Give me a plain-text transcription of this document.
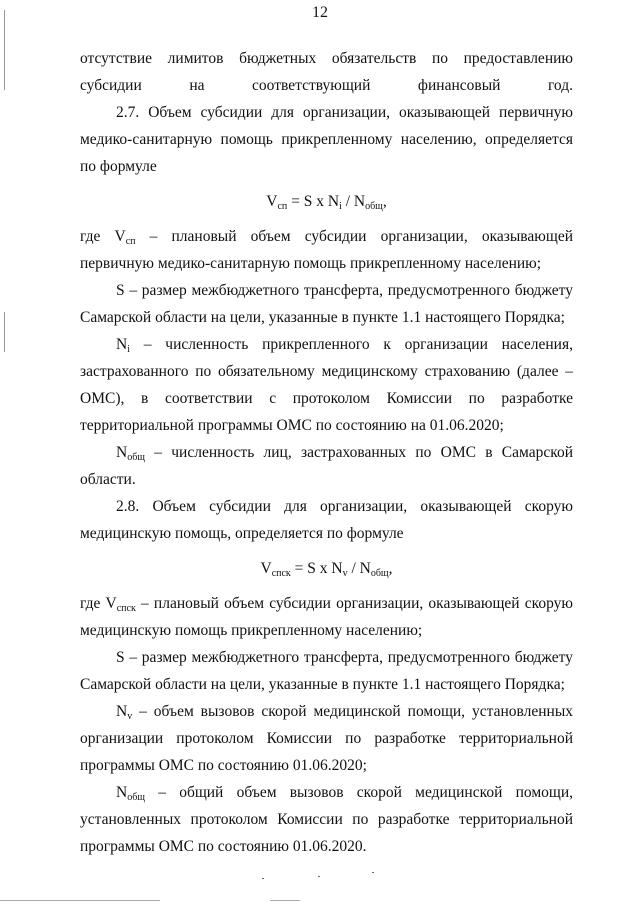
12

отсутствие лимитов бюджетных обязательств по предоставлению субсидии на соответствующий финансовый год.

2.7. Объем субсидии для организации, оказывающей первичную медико-санитарную помощь прикрепленному населению, определяется по формуле

$V_{сп} = S$ x $N_i / N_{общ}$,

где $V_{сп}$ – плановый объем субсидии организации, оказывающей первичную медико-санитарную помощь прикрепленному населению;

S – размер межбюджетного трансферта, предусмотренного бюджету Самарской области на цели, указанные в пункте 1.1 настоящего Порядка;

$N_i$ – численность прикрепленного к организации населения, застрахованного по обязательному медицинскому страхованию (далее – ОМС), в соответствии с протоколом Комиссии по разработке территориальной программы ОМС по состоянию на 01.06.2020;

$N_{общ}$ – численность лиц, застрахованных по ОМС в Самарской области.

2.8. Объем субсидии для организации, оказывающей скорую медицинскую помощь, определяется по формуле

$V_{спск} = S$ x $N_v / N_{общ}$,

где $V_{спск}$ – плановый объем субсидии организации, оказывающей скорую медицинскую помощь прикрепленному населению;

S – размер межбюджетного трансферта, предусмотренного бюджету Самарской области на цели, указанные в пункте 1.1 настоящего Порядка;

$N_v$ – объем вызовов скорой медицинской помощи, установленных организации протоколом Комиссии по разработке территориальной программы ОМС по состоянию 01.06.2020;

$N_{общ}$ – общий объем вызовов скорой медицинской помощи, установленных протоколом Комиссии по разработке территориальной программы ОМС по состоянию 01.06.2020.
